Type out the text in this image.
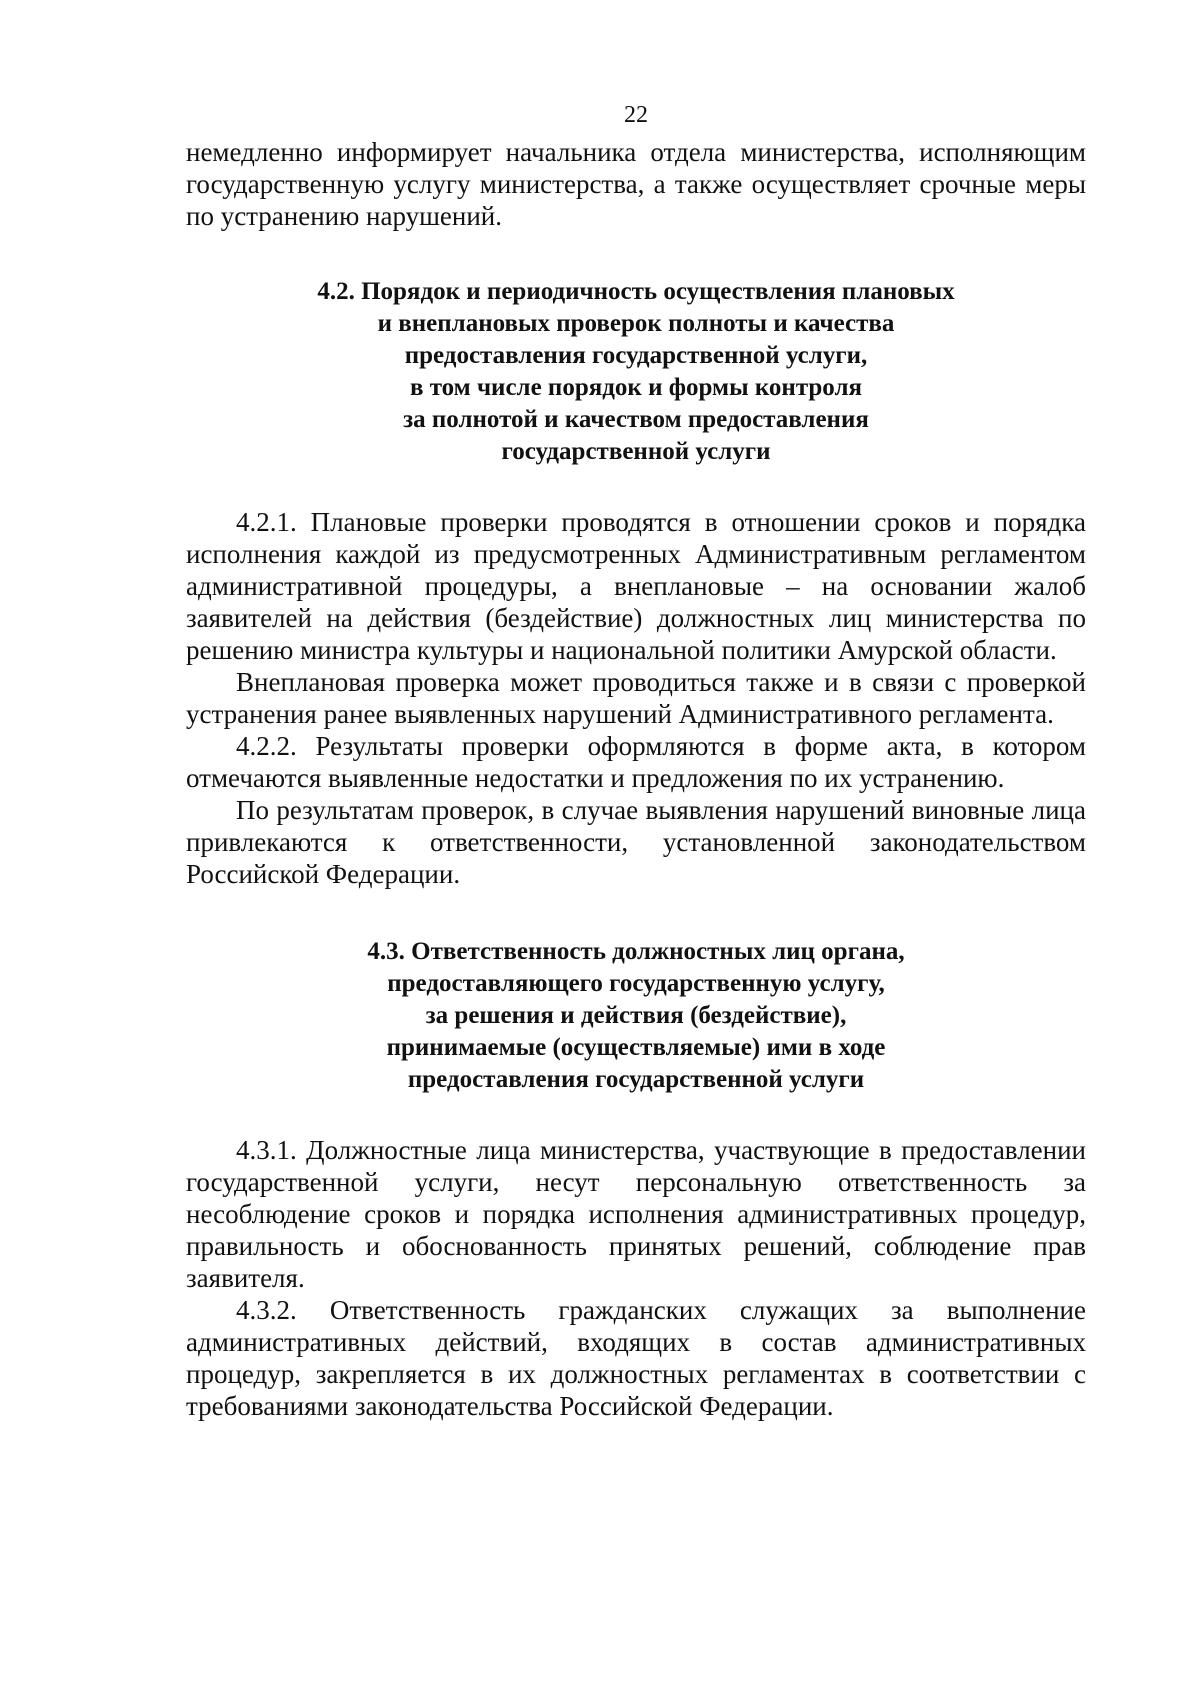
22

немедленно информирует начальника отдела министерства, исполняющим государственную услугу министерства, а также осуществляет срочные меры по устранению нарушений.

4.2. Порядок и периодичность осуществления плановых
и внеплановых проверок полноты и качества
предоставления государственной услуги,
в том числе порядок и формы контроля
за полнотой и качеством предоставления
государственной услуги

4.2.1. Плановые проверки проводятся в отношении сроков и порядка исполнения каждой из предусмотренных Административным регламентом административной процедуры, а внеплановые – на основании жалоб заявителей на действия (бездействие) должностных лиц министерства по решению министра культуры и национальной политики Амурской области.

Внеплановая проверка может проводиться также и в связи с проверкой устранения ранее выявленных нарушений Административного регламента.

4.2.2. Результаты проверки оформляются в форме акта, в котором отмечаются выявленные недостатки и предложения по их устранению.

По результатам проверок, в случае выявления нарушений виновные лица привлекаются к ответственности, установленной законодательством Российской Федерации.

4.3. Ответственность должностных лиц органа,
предоставляющего государственную услугу,
за решения и действия (бездействие),
принимаемые (осуществляемые) ими в ходе
предоставления государственной услуги

4.3.1. Должностные лица министерства, участвующие в предоставлении государственной услуги, несут персональную ответственность за несоблюдение сроков и порядка исполнения административных процедур, правильность и обоснованность принятых решений, соблюдение прав заявителя.

4.3.2. Ответственность гражданских служащих за выполнение административных действий, входящих в состав административных процедур, закрепляется в их должностных регламентах в соответствии с требованиями законодательства Российской Федерации.
